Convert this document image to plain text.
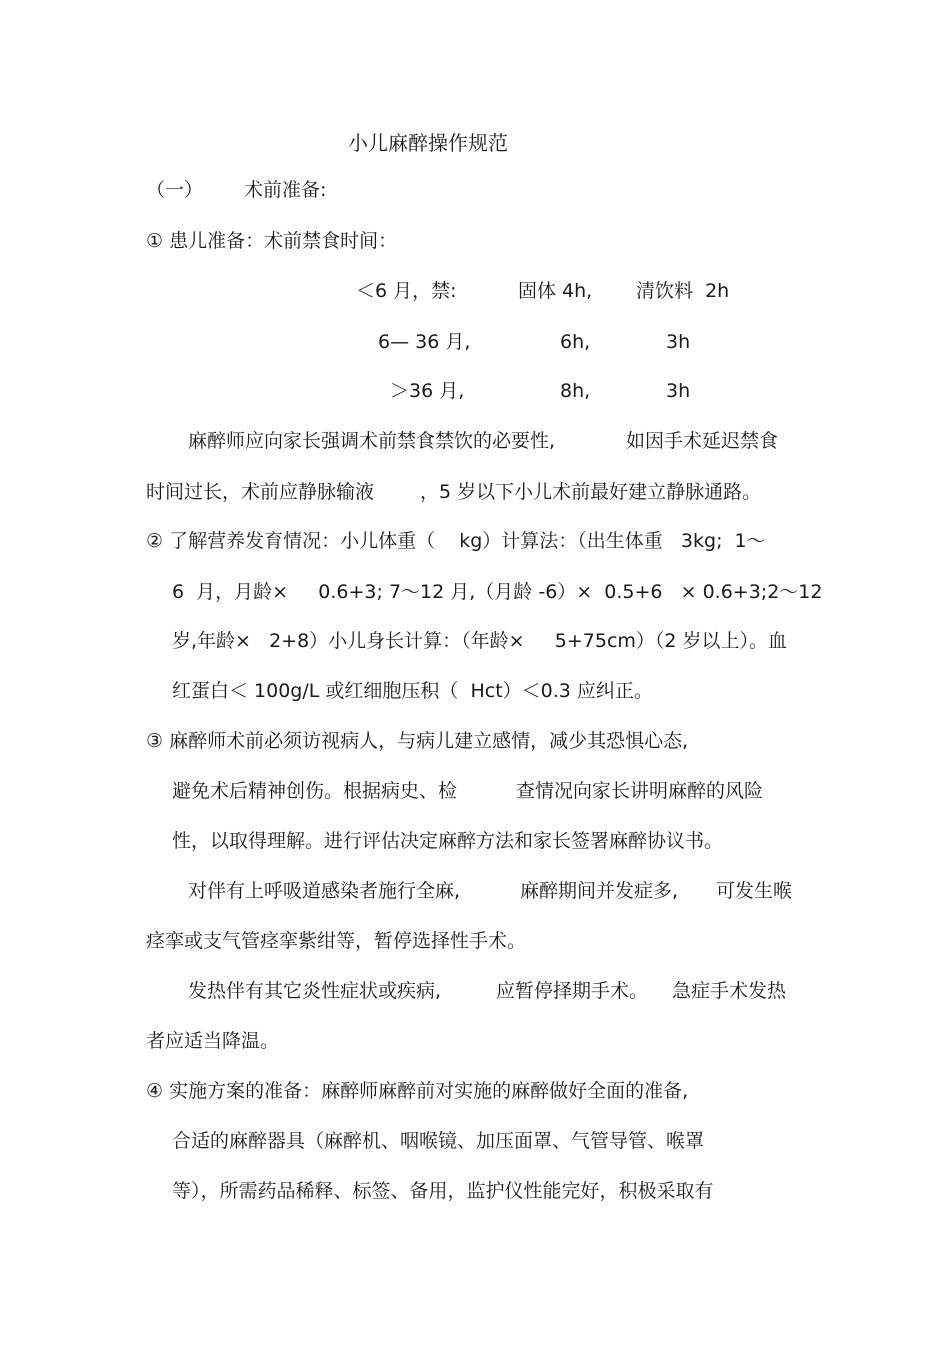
小儿麻醉操作规范
（一） 术前准备:
① 患儿准备：术前禁食时间：
＜6 月，禁:	固体 4h, 清饮料  2h
6— 36 月,	6h,	3h
＞36 月,	8h,	3h
麻醉师应向家长强调术前禁食禁饮的必要性,	如因手术延迟禁食
时间过长，术前应静脉输液 ，5 岁以下小儿术前最好建立静脉通路。
② 了解营养发育情况：小儿体重（    kg）计算法：（出生体重   3kg;  1～
6  月，月龄×     0.6+3; 7～12 月,（月龄 -6）×  0.5+6   × 0.6+3;2～12
岁,年龄×   2+8）小儿身长计算：（年龄×     5+75cm）（2 岁以上）。血
红蛋白＜ 100g/L 或红细胞压积（  Hct）＜0.3 应纠正。
③ 麻醉师术前必须访视病人，与病儿建立感情，减少其恐惧心态,
避免术后精神创伤。根据病史、检	查情况向家长讲明麻醉的风险
性，以取得理解。进行评估决定麻醉方法和家长签署麻醉协议书。
对伴有上呼吸道感染者施行全麻,	麻醉期间并发症多, 可发生喉
痉挛或支气管痉挛紫绀等，暂停选择性手术。
发热伴有其它炎性症状或疾病,	应暂停择期手术。 急症手术发热
者应适当降温。
④ 实施方案的准备：麻醉师麻醉前对实施的麻醉做好全面的准备,
合适的麻醉器具（麻醉机、咽喉镜、加压面罩、气管导管、喉罩
等），所需药品稀释、标签、备用，监护仪性能完好，积极采取有
